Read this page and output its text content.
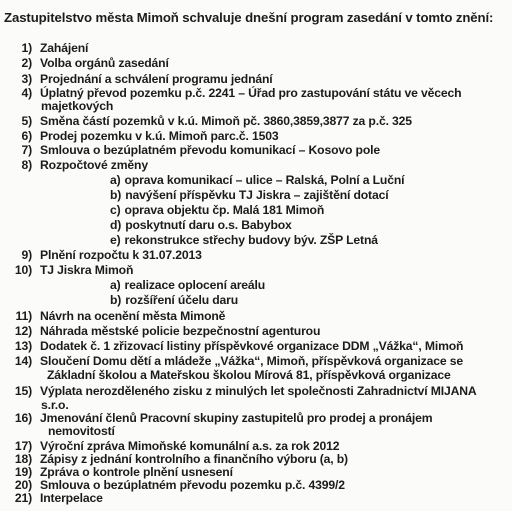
Zastupitelstvo města Mimoň schvaluje dnešní program zasedání v tomto znění:
1) Zahájení
2) Volba orgánů zasedání
3) Projednání a schválení programu jednání
4) Úplatný převod pozemku p.č. 2241 – Úřad pro zastupování státu ve věcech
majetkových
5) Směna částí pozemků v k.ú. Mimoň pč. 3860,3859,3877 za p.č. 325
6) Prodej pozemku v k.ú. Mimoň parc.č. 1503
7) Smlouva o bezúplatném převodu komunikací – Kosovo pole
8) Rozpočtové změny
a) oprava komunikací – ulice – Ralská, Polní a Luční
b) navýšení příspěvku TJ Jiskra – zajištění dotací
c) oprava objektu čp. Malá 181 Mimoň
d) poskytnutí daru o.s. Babybox
e) rekonstrukce střechy budovy býv. ZŠP Letná
9) Plnění rozpočtu k 31.07.2013
10) TJ Jiskra Mimoň
a) realizace oplocení areálu
b) rozšíření účelu daru
11) Návrh na ocenění města Mimoně
12) Náhrada městské policie bezpečnostní agenturou
13) Dodatek č. 1 zřizovací listiny příspěvkové organizace DDM „Vážka“, Mimoň
14) Sloučení Domu dětí a mládeže „Vážka“, Mimoň, příspěvková organizace se
Základní školou a Mateřskou školou Mírová 81, příspěvková organizace
15) Výplata nerozděleného zisku z minulých let společnosti Zahradnictví MIJANA
s.r.o.
16) Jmenování členů Pracovní skupiny zastupitelů pro prodej a pronájem
nemovitostí
17) Výroční zpráva Mimoňské komunální a.s. za rok 2012
18) Zápisy z jednání kontrolního a finančního výboru (a, b)
19) Zpráva o kontrole plnění usnesení
20) Smlouva o bezúplatném převodu pozemku p.č. 4399/2
21) Interpelace
